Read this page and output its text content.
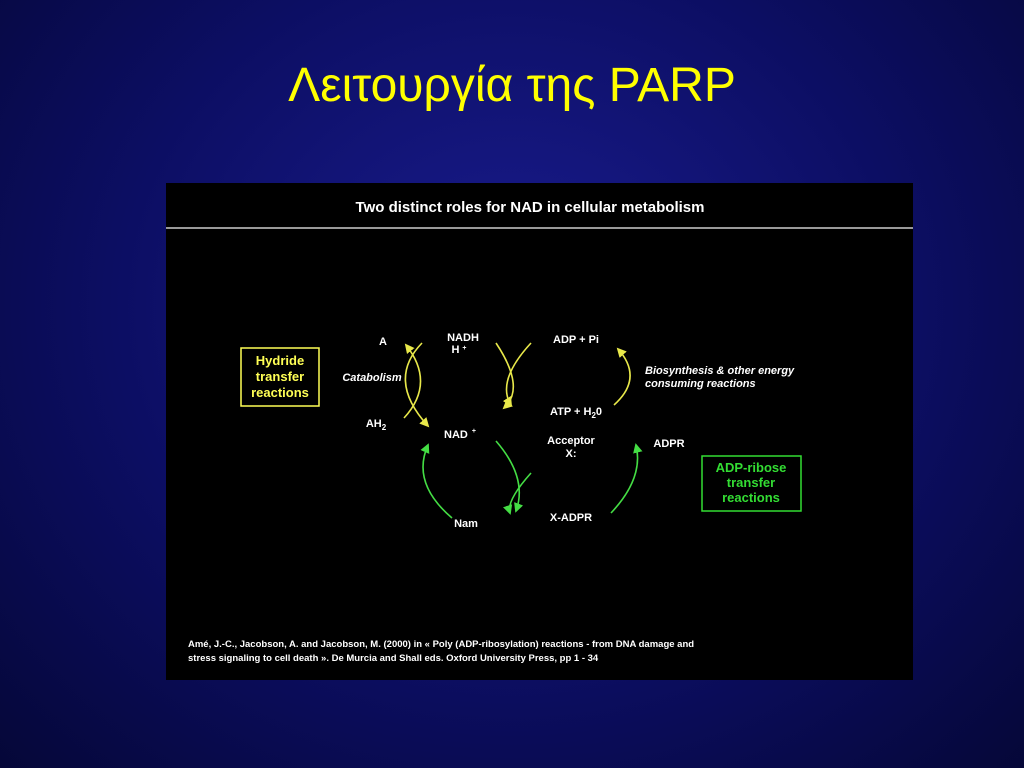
Λειτουργία της PARP
Two distinct roles for NAD in cellular metabolism
Hydride
transfer
reactions
ADP-ribose
transfer
reactions
A
$AH_2$
NADH
H +
NAD +
ADP + Pi
ATP + $H_20$
Acceptor
X:
ADPR
Nam	X-ADPR
Catabolism
Biosynthesis & other energy
consuming reactions
Amé, J.-C., Jacobson, A. and Jacobson, M. (2000) in « Poly (ADP-ribosylation) reactions - from DNA damage and
stress signaling to cell death ». De Murcia and Shall eds. Oxford University Press, pp 1 - 34
